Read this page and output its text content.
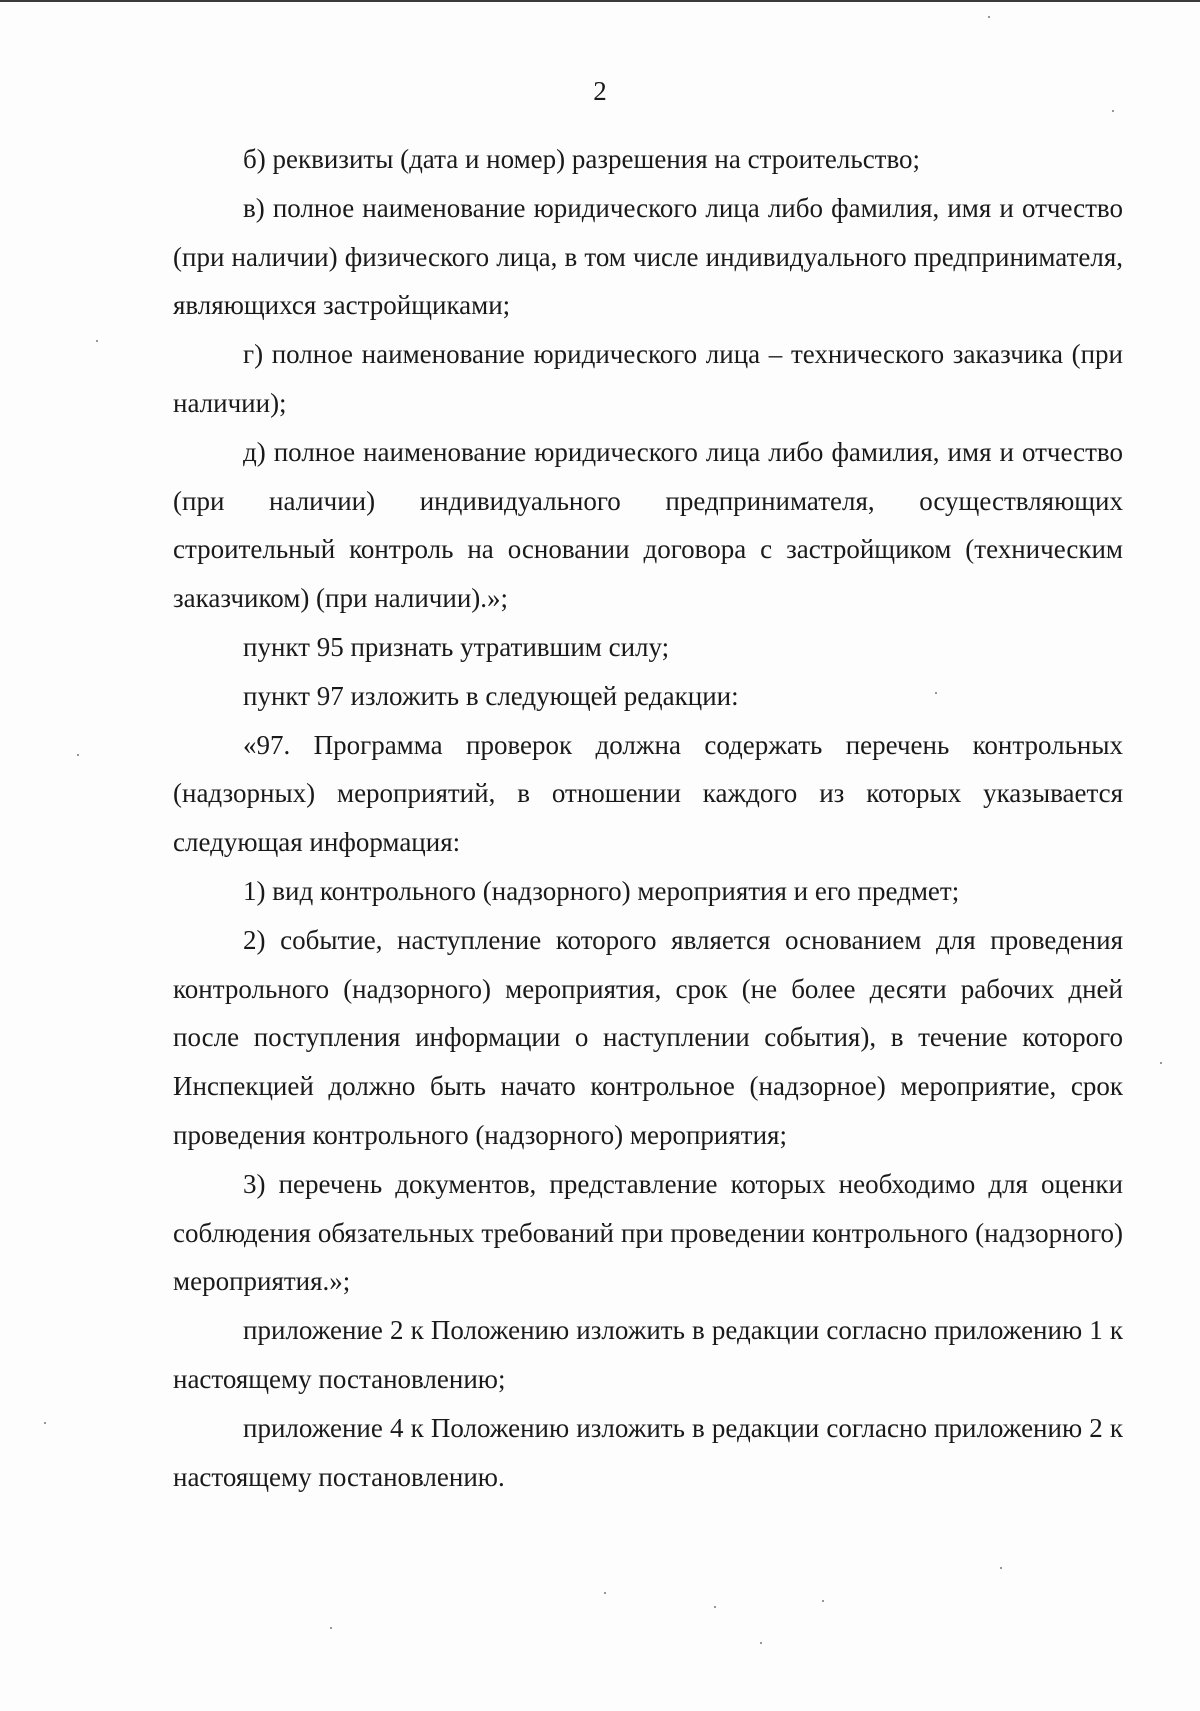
2

б) реквизиты (дата и номер) разрешения на строительство;

в) полное наименование юридического лица либо фамилия, имя и отчество (при наличии) физического лица, в том числе индивидуального предпринимателя, являющихся застройщиками;

г) полное наименование юридического лица – технического заказчика (при наличии);

д) полное наименование юридического лица либо фамилия, имя и отчество (при наличии) индивидуального предпринимателя, осуществляющих строительный контроль на основании договора с застройщиком (техническим заказчиком) (при наличии).»;

пункт 95 признать утратившим силу;

пункт 97 изложить в следующей редакции:

«97. Программа проверок должна содержать перечень контрольных (надзорных) мероприятий, в отношении каждого из которых указывается следующая информация:

1) вид контрольного (надзорного) мероприятия и его предмет;

2) событие, наступление которого является основанием для проведения контрольного (надзорного) мероприятия, срок (не более десяти рабочих дней после поступления информации о наступлении события), в течение которого Инспекцией должно быть начато контрольное (надзорное) мероприятие, срок проведения контрольного (надзорного) мероприятия;

3) перечень документов, представление которых необходимо для оценки соблюдения обязательных требований при проведении контрольного (надзорного) мероприятия.»;

приложение 2 к Положению изложить в редакции согласно приложению 1 к настоящему постановлению;

приложение 4 к Положению изложить в редакции согласно приложению 2 к настоящему постановлению.
